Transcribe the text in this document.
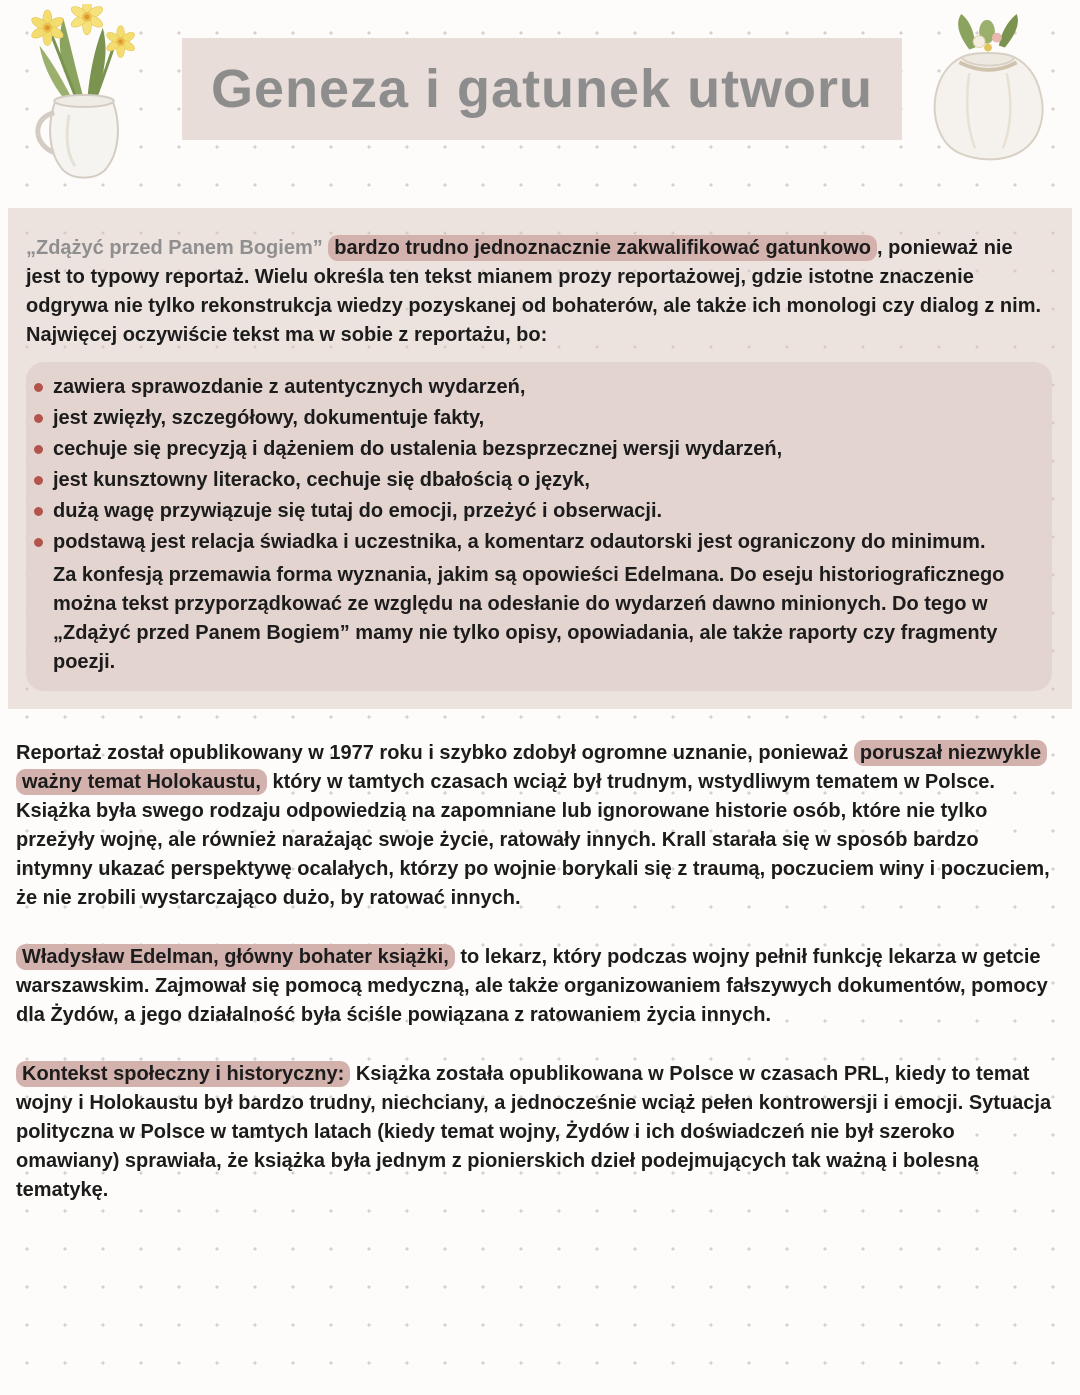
Geneza i gatunek utworu

„Zdążyć przed Panem Bogiem” bardzo trudno jednoznacznie zakwalifikować gatunkowo , ponieważ nie jest to typowy reportaż. Wielu określa ten tekst mianem prozy reportażowej, gdzie istotne znaczenie odgrywa nie tylko rekonstrukcja wiedzy pozyskanej od bohaterów, ale także ich monologi czy dialog z nim. Najwięcej oczywiście tekst ma w sobie z reportażu, bo:

zawiera sprawozdanie z autentycznych wydarzeń,
jest zwięzły, szczegółowy, dokumentuje fakty,
cechuje się precyzją i dążeniem do ustalenia bezsprzecznej wersji wydarzeń,
jest kunsztowny literacko, cechuje się dbałością o język,
dużą wagę przywiązuje się tutaj do emocji, przeżyć i obserwacji.
podstawą jest relacja świadka i uczestnika, a komentarz odautorski jest ograniczony do minimum.

Za konfesją przemawia forma wyznania, jakim są opowieści Edelmana. Do eseju historiograficznego można tekst przyporządkować ze względu na odesłanie do wydarzeń dawno minionych. Do tego w „Zdążyć przed Panem Bogiem” mamy nie tylko opisy, opowiadania, ale także raporty czy fragmenty poezji.

Reportaż został opublikowany w 1977 roku i szybko zdobył ogromne uznanie, ponieważ poruszał niezwykle ważny temat Holokaustu, który w tamtych czasach wciąż był trudnym, wstydliwym tematem w Polsce. Książka była swego rodzaju odpowiedzią na zapomniane lub ignorowane historie osób, które nie tylko przeżyły wojnę, ale również narażając swoje życie, ratowały innych. Krall starała się w sposób bardzo intymny ukazać perspektywę ocalałych, którzy po wojnie borykali się z traumą, poczuciem winy i poczuciem, że nie zrobili wystarczająco dużo, by ratować innych.

Władysław Edelman, główny bohater książki, to lekarz, który podczas wojny pełnił funkcję lekarza w getcie warszawskim. Zajmował się pomocą medyczną, ale także organizowaniem fałszywych dokumentów, pomocy dla Żydów, a jego działalność była ściśle powiązana z ratowaniem życia innych.

Kontekst społeczny i historyczny: Książka została opublikowana w Polsce w czasach PRL, kiedy to temat wojny i Holokaustu był bardzo trudny, niechciany, a jednocześnie wciąż pełen kontrowersji i emocji. Sytuacja polityczna w Polsce w tamtych latach (kiedy temat wojny, Żydów i ich doświadczeń nie był szeroko omawiany) sprawiała, że książka była jednym z pionierskich dzieł podejmujących tak ważną i bolesną tematykę.
